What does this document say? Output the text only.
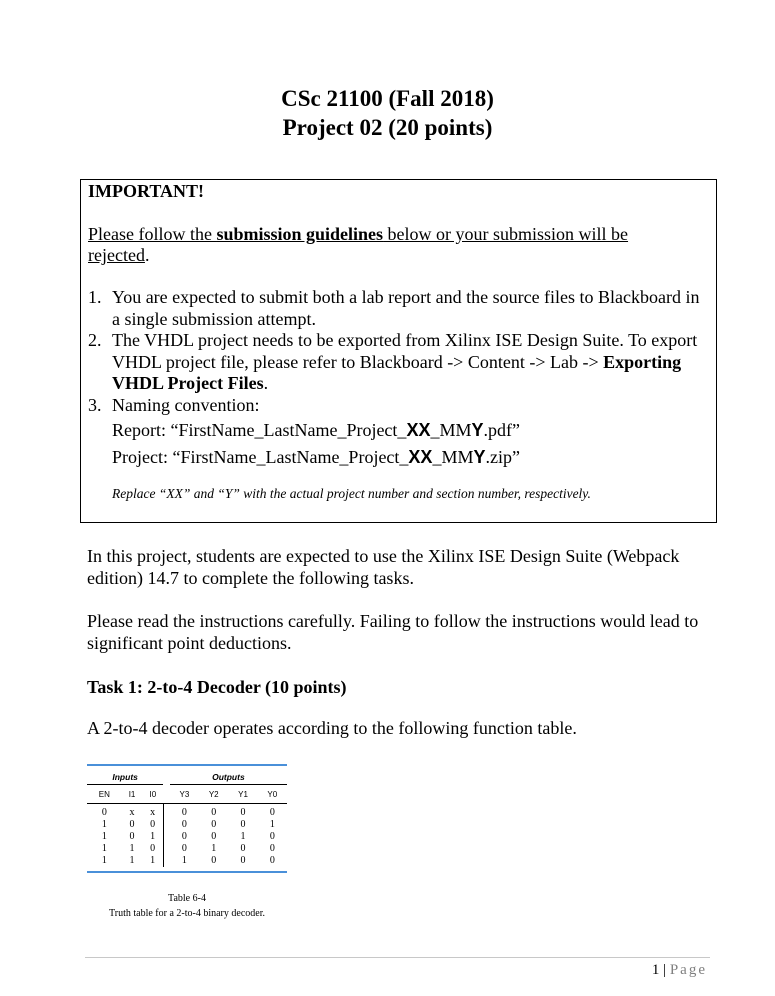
CSc 21100 (Fall 2018)
Project 02 (20 points)
IMPORTANT!
Please follow the submission guidelines below or your submission will be rejected.
1. You are expected to submit both a lab report and the source files to Blackboard in a single submission attempt.
2. The VHDL project needs to be exported from Xilinx ISE Design Suite. To export VHDL project file, please refer to Blackboard -> Content -> Lab -> Exporting VHDL Project Files.
3. Naming convention:
Report: “FirstName_LastName_Project_XX_MMY.pdf”
Project: “FirstName_LastName_Project_XX_MMY.zip”
Replace “XX” and “Y” with the actual project number and section number, respectively.
In this project, students are expected to use the Xilinx ISE Design Suite (Webpack edition) 14.7 to complete the following tasks.
Please read the instructions carefully. Failing to follow the instructions would lead to significant point deductions.
Task 1: 2-to-4 Decoder (10 points)
A 2-to-4 decoder operates according to the following function table.
Inputs				Outputs			
EN	I1	I0		Y3	Y2	Y1	Y0
0	x	x		0	0	0	0
1	0	0		0	0	0	1
1	0	1		0	0	1	0
1	1	0		0	1	0	0
1	1	1		1	0	0	0
Table 6-4
Truth table for a 2-to-4 binary decoder.
1 | Page
